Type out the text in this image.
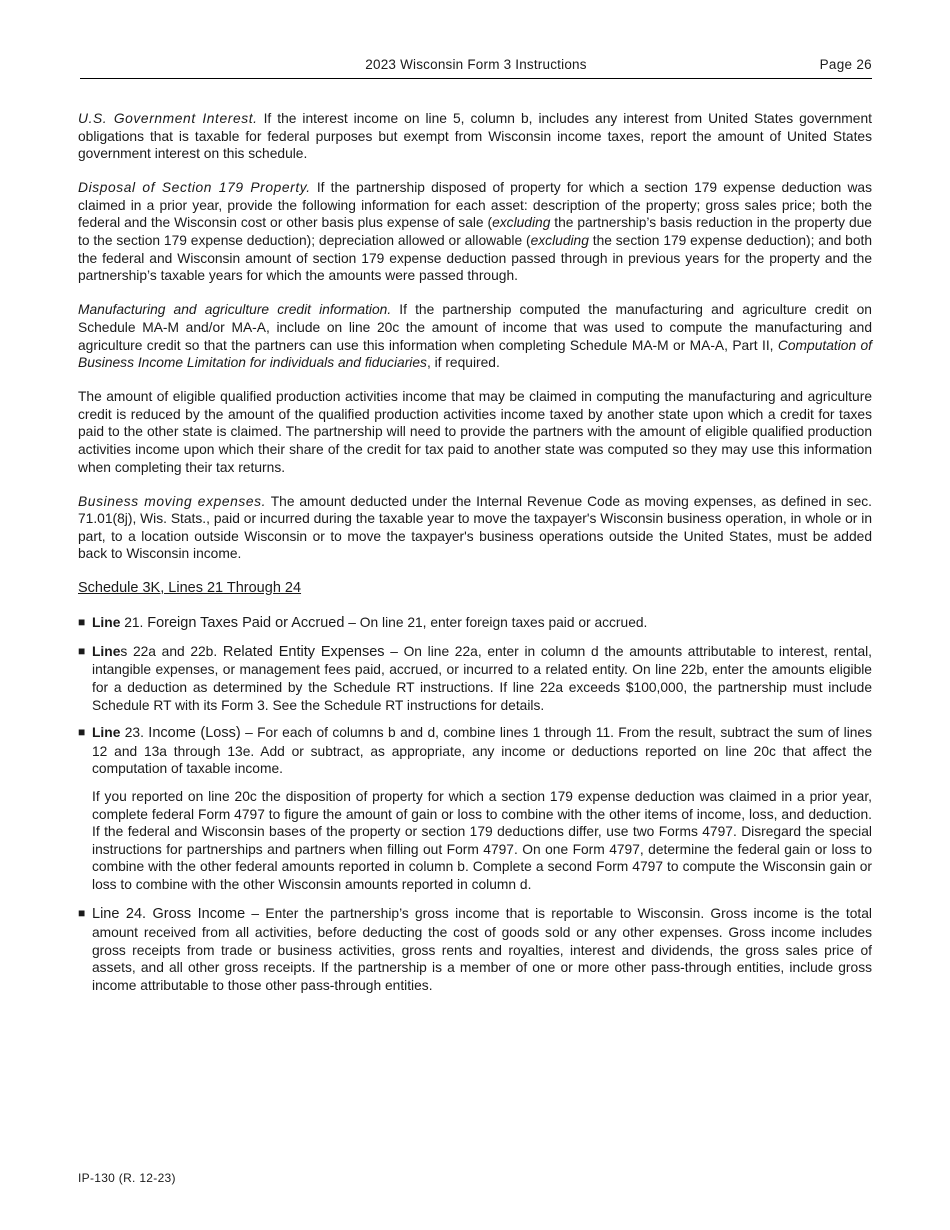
2023 Wisconsin Form 3 Instructions	Page 26

U.S. Government Interest. If the interest income on line 5, column b, includes any interest from United States government obligations that is taxable for federal purposes but exempt from Wisconsin income taxes, report the amount of United States government interest on this schedule.

Disposal of Section 179 Property. If the partnership disposed of property for which a section 179 expense deduction was claimed in a prior year, provide the following information for each asset: description of the property; gross sales price; both the federal and the Wisconsin cost or other basis plus expense of sale (excluding the partnership’s basis reduction in the property due to the section 179 expense deduction); depreciation allowed or allowable (excluding the section 179 expense deduction); and both the federal and Wisconsin amount of section 179 expense deduction passed through in previous years for the property and the partnership’s taxable years for which the amounts were passed through.

Manufacturing and agriculture credit information. If the partnership computed the manufacturing and agriculture credit on Schedule MA-M and/or MA-A, include on line 20c the amount of income that was used to compute the manufacturing and agriculture credit so that the partners can use this information when completing Schedule MA-M or MA-A, Part II, Computation of Business Income Limitation for individuals and fiduciaries, if required.

The amount of eligible qualified production activities income that may be claimed in computing the manufacturing and agriculture credit is reduced by the amount of the qualified production activities income taxed by another state upon which a credit for taxes paid to the other state is claimed. The partnership will need to provide the partners with the amount of eligible qualified production activities income upon which their share of the credit for tax paid to another state was computed so they may use this information when completing their tax returns.

Business moving expenses. The amount deducted under the Internal Revenue Code as moving expenses, as defined in sec. 71.01(8j), Wis. Stats., paid or incurred during the taxable year to move the taxpayer's Wisconsin business operation, in whole or in part, to a location outside Wisconsin or to move the taxpayer's business operations outside the United States, must be added back to Wisconsin income.

Schedule 3K, Lines 21 Through 24
■ Line 21. Foreign Taxes Paid or Accrued – On line 21, enter foreign taxes paid or accrued.

■ Lines 22a and 22b. Related Entity Expenses – On line 22a, enter in column d the amounts attributable to interest, rental, intangible expenses, or management fees paid, accrued, or incurred to a related entity. On line 22b, enter the amounts eligible for a deduction as determined by the Schedule RT instructions. If line 22a exceeds $100,000, the partnership must include Schedule RT with its Form 3. See the Schedule RT instructions for details.

■ Line 23. Income (Loss) – For each of columns b and d, combine lines 1 through 11. From the result, subtract the sum of lines 12 and 13a through 13e. Add or subtract, as appropriate, any income or deductions reported on line 20c that affect the computation of taxable income.

If you reported on line 20c the disposition of property for which a section 179 expense deduction was claimed in a prior year, complete federal Form 4797 to figure the amount of gain or loss to combine with the other items of income, loss, and deduction. If the federal and Wisconsin bases of the property or section 179 deductions differ, use two Forms 4797. Disregard the special instructions for partnerships and partners when filling out Form 4797. On one Form 4797, determine the federal gain or loss to combine with the other federal amounts reported in column b. Complete a second Form 4797 to compute the Wisconsin gain or loss to combine with the other Wisconsin amounts reported in column d.

■ Line 24. Gross Income – Enter the partnership’s gross income that is reportable to Wisconsin. Gross income is the total amount received from all activities, before deducting the cost of goods sold or any other expenses. Gross income includes gross receipts from trade or business activities, gross rents and royalties, interest and dividends, the gross sales price of assets, and all other gross receipts. If the partnership is a member of one or more other pass-through entities, include gross income attributable to those other pass-through entities.

IP-130 (R. 12-23)
